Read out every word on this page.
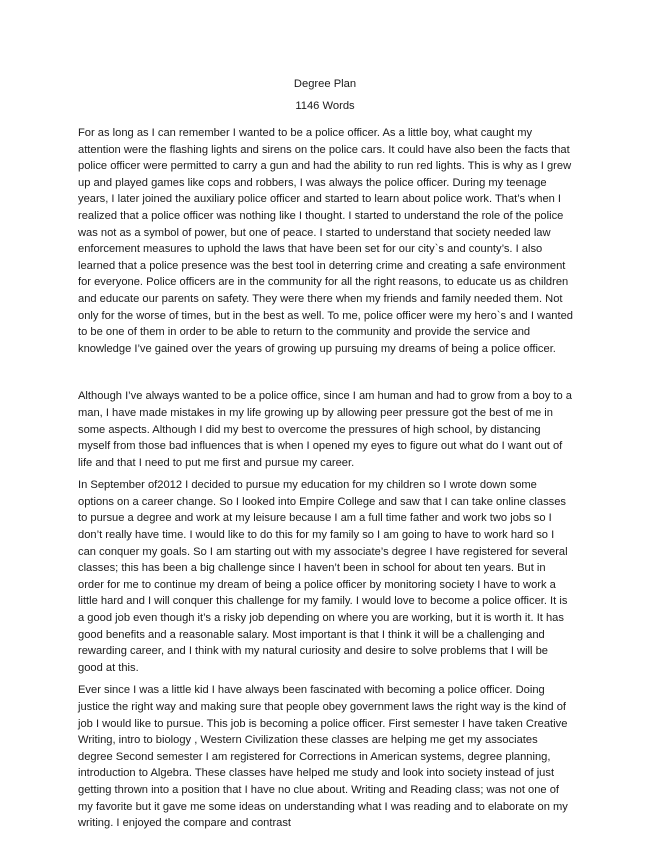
Degree Plan
1146 Words

For as long as I can remember I wanted to be a police officer. As a little boy, what caught my attention were the flashing lights and sirens on the police cars. It could have also been the facts that police officer were permitted to carry a gun and had the ability to run red lights. This is why as I grew up and played games like cops and robbers, I was always the police officer. During my teenage years, I later joined the auxiliary police officer and started to learn about police work. That’s when I realized that a police officer was nothing like I thought. I started to understand the role of the police was not as a symbol of power, but one of peace. I started to understand that society needed law enforcement measures to uphold the laws that have been set for our city`s and county’s. I also learned that a police presence was the best tool in deterring crime and creating a safe environment for everyone. Police officers are in the community for all the right reasons, to educate us as children and educate our parents on safety. They were there when my friends and family needed them. Not only for the worse of times, but in the best as well. To me, police officer were my hero`s and I wanted to be one of them in order to be able to return to the community and provide the service and knowledge I’ve gained over the years of growing up pursuing my dreams of being a police officer.

Although I’ve always wanted to be a police office, since I am human and had to grow from a boy to a man, I have made mistakes in my life growing up by allowing peer pressure got the best of me in some aspects. Although I did my best to overcome the pressures of high school, by distancing myself from those bad influences that is when I opened my eyes to figure out what do I want out of life and that I need to put me first and pursue my career.

In September of2012 I decided to pursue my education for my children so I wrote down some options on a career change. So I looked into Empire College and saw that I can take online classes to pursue a degree and work at my leisure because I am a full time father and work two jobs so I don’t really have time. I would like to do this for my family so I am going to have to work hard so I can conquer my goals. So I am starting out with my associate’s degree I have registered for several classes; this has been a big challenge since I haven’t been in school for about ten years. But in order for me to continue my dream of being a police officer by monitoring society I have to work a little hard and I will conquer this challenge for my family. I would love to become a police officer. It is a good job even though it’s a risky job depending on where you are working, but it is worth it. It has good benefits and a reasonable salary. Most important is that I think it will be a challenging and rewarding career, and I think with my natural curiosity and desire to solve problems that I will be good at this.

Ever since I was a little kid I have always been fascinated with becoming a police officer. Doing justice the right way and making sure that people obey government laws the right way is the kind of job I would like to pursue. This job is becoming a police officer. First semester I have taken Creative Writing, intro to biology , Western Civilization these classes are helping me get my associates degree Second semester I am registered for Corrections in American systems, degree planning, introduction to Algebra. These classes have helped me study and look into society instead of just getting thrown into a position that I have no clue about. Writing and Reading class; was not one of my favorite but it gave me some ideas on understanding what I was reading and to elaborate on my writing. I enjoyed the compare and contrast
